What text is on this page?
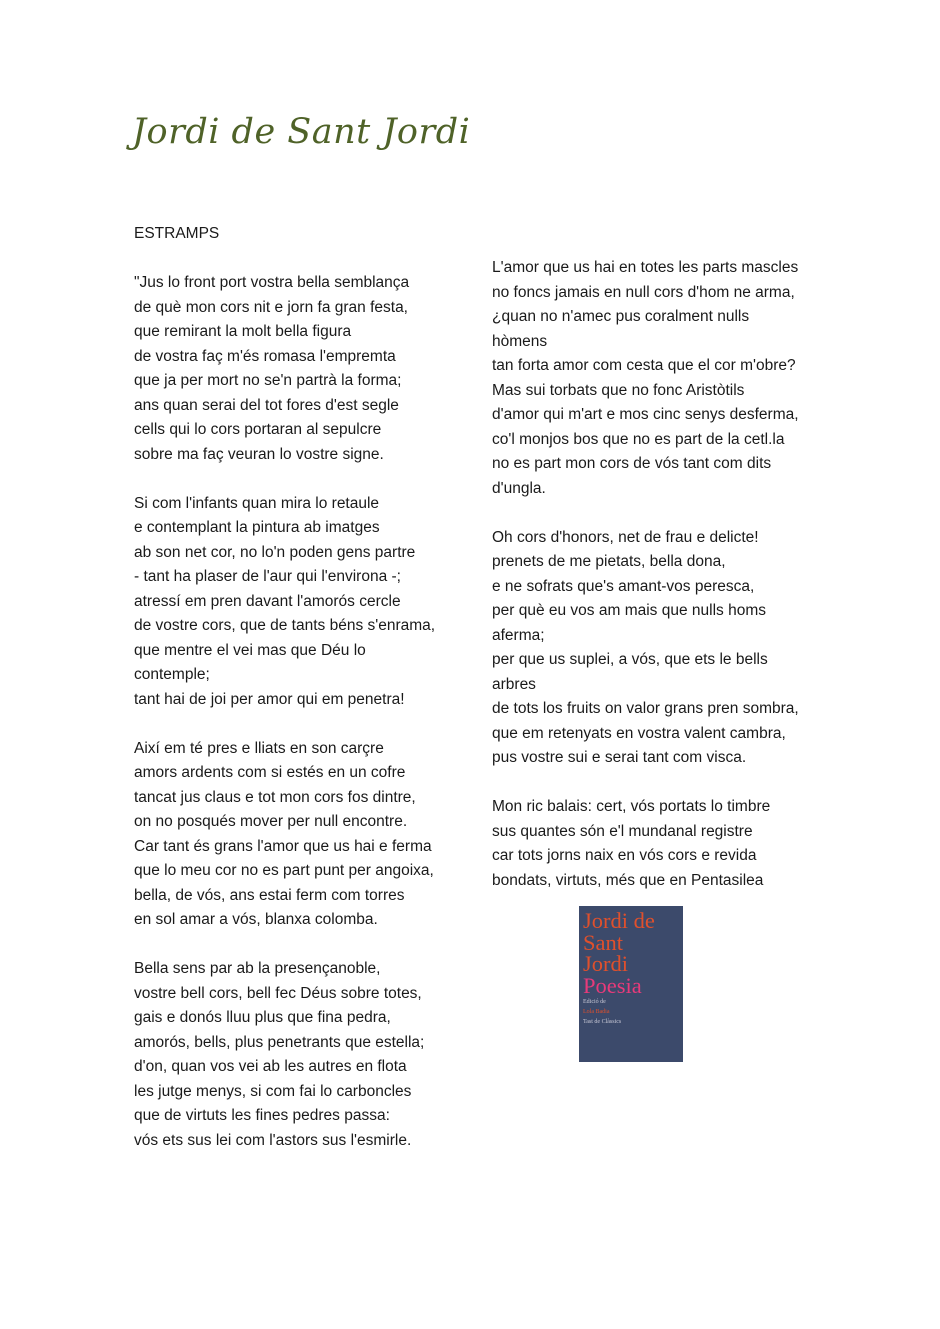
Jordi de Sant Jordi
ESTRAMPS
"Jus lo front port vostra bella semblança
de què mon cors nit e jorn fa gran festa,
que remirant la molt bella figura
de vostra faç m'és romasa l'empremta
que ja per mort no se'n partrà la forma;
ans quan serai del tot fores d'est segle
cells qui lo cors portaran al sepulcre
sobre ma faç veuran lo vostre signe.
Si com l'infants quan mira lo retaule
e contemplant la pintura ab imatges
ab son net cor, no lo'n poden gens partre
- tant ha plaser de l'aur qui l'environa -;
atressí em pren davant l'amorós cercle
de vostre cors, que de tants béns s'enrama,
que mentre el vei mas que Déu lo
contemple;
tant hai de joi per amor qui em penetra!
Així em té pres e lliats en son carçre
amors ardents com si estés en un cofre
tancat jus claus e tot mon cors fos dintre,
on no posqués mover per null encontre.
Car tant és grans l'amor que us hai e ferma
que lo meu cor no es part punt per angoixa,
bella, de vós, ans estai ferm com torres
en sol amar a vós, blanxa colomba.
Bella sens par ab la presençanoble,
vostre bell cors, bell fec Déus sobre totes,
gais e donós lluu plus que fina pedra,
amorós, bells, plus penetrants que estella;
d'on, quan vos vei ab les autres en flota
les jutge menys, si com fai lo carboncles
que de virtuts les fines pedres passa:
vós ets sus lei com l'astors sus l'esmirle.
L'amor que us hai en totes les parts mascles
no foncs jamais en null cors d'hom ne arma,
¿quan no n'amec pus coralment nulls
hòmens
tan forta amor com cesta que el cor m'obre?
Mas sui torbats que no fonc Aristòtils
d'amor qui m'art e mos cinc senys desferma,
co'l monjos bos que no es part de la cetl.la
no es part mon cors de vós tant com dits
d'ungla.
Oh cors d'honors, net de frau e delicte!
prenets de me pietats, bella dona,
e ne sofrats que's amant-vos peresca,
per què eu vos am mais que nulls homs
aferma;
per que us suplei, a vós, que ets le bells
arbres
de tots los fruits on valor grans pren sombra,
que em retenyats en vostra valent cambra,
pus vostre sui e serai tant com visca.
Mon ric balais: cert, vós portats lo timbre
sus quantes són e'l mundanal registre
car tots jorns naix en vós cors e revida
bondats, virtuts, més que en Pentasilea
Jordi de
Sant
Jordi
Poesia
Edició de
Lola Badia
Tast de Clàssics
